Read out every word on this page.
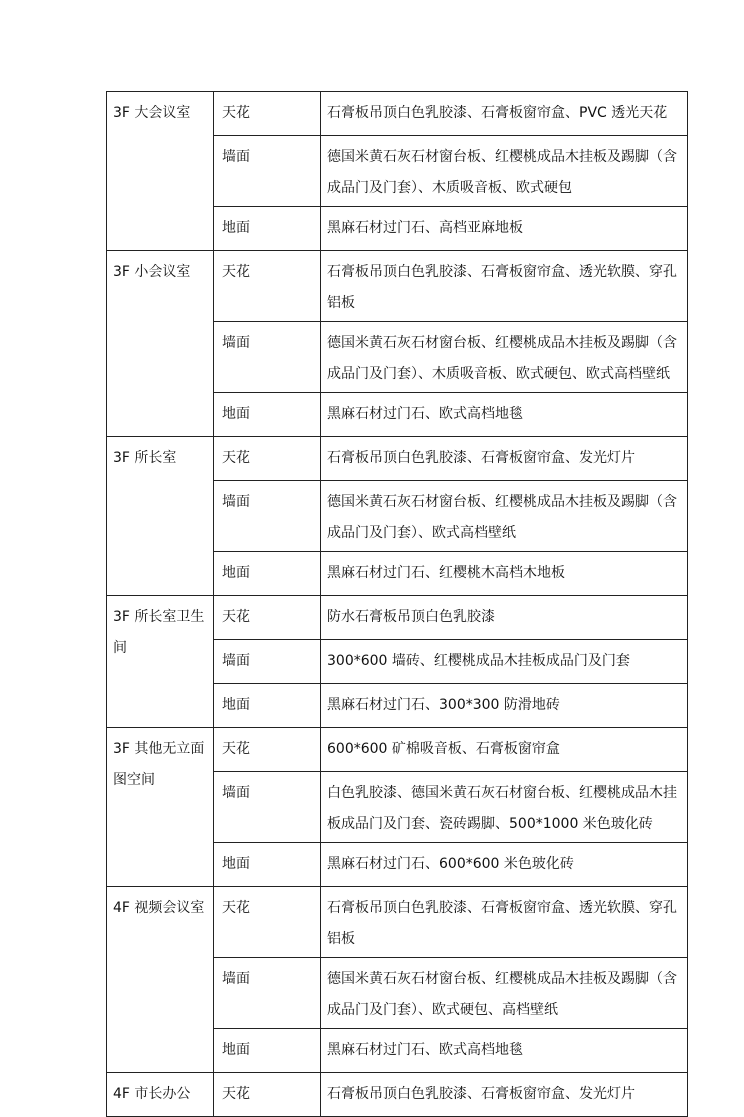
3F 大会议室	天花	石膏板吊顶白色乳胶漆、石膏板窗帘盒、PVC 透光天花
	墙面	德国米黄石灰石材窗台板、红樱桃成品木挂板及踢脚（含成品门及门套）、木质吸音板、欧式硬包
	地面	黑麻石材过门石、高档亚麻地板
3F 小会议室	天花	石膏板吊顶白色乳胶漆、石膏板窗帘盒、透光软膜、穿孔铝板
	墙面	德国米黄石灰石材窗台板、红樱桃成品木挂板及踢脚（含成品门及门套）、木质吸音板、欧式硬包、欧式高档壁纸
	地面	黑麻石材过门石、欧式高档地毯
3F 所长室	天花	石膏板吊顶白色乳胶漆、石膏板窗帘盒、发光灯片
	墙面	德国米黄石灰石材窗台板、红樱桃成品木挂板及踢脚（含成品门及门套）、欧式高档壁纸
	地面	黑麻石材过门石、红樱桃木高档木地板
3F 所长室卫生间	天花	防水石膏板吊顶白色乳胶漆
	墙面	300*600 墙砖、红樱桃成品木挂板成品门及门套
	地面	黑麻石材过门石、300*300 防滑地砖
3F 其他无立面图空间	天花	600*600 矿棉吸音板、石膏板窗帘盒
	墙面	白色乳胶漆、德国米黄石灰石材窗台板、红樱桃成品木挂板成品门及门套、瓷砖踢脚、500*1000 米色玻化砖
	地面	黑麻石材过门石、600*600 米色玻化砖
4F 视频会议室	天花	石膏板吊顶白色乳胶漆、石膏板窗帘盒、透光软膜、穿孔铝板
	墙面	德国米黄石灰石材窗台板、红樱桃成品木挂板及踢脚（含成品门及门套）、欧式硬包、高档壁纸
	地面	黑麻石材过门石、欧式高档地毯
4F 市长办公	天花	石膏板吊顶白色乳胶漆、石膏板窗帘盒、发光灯片
